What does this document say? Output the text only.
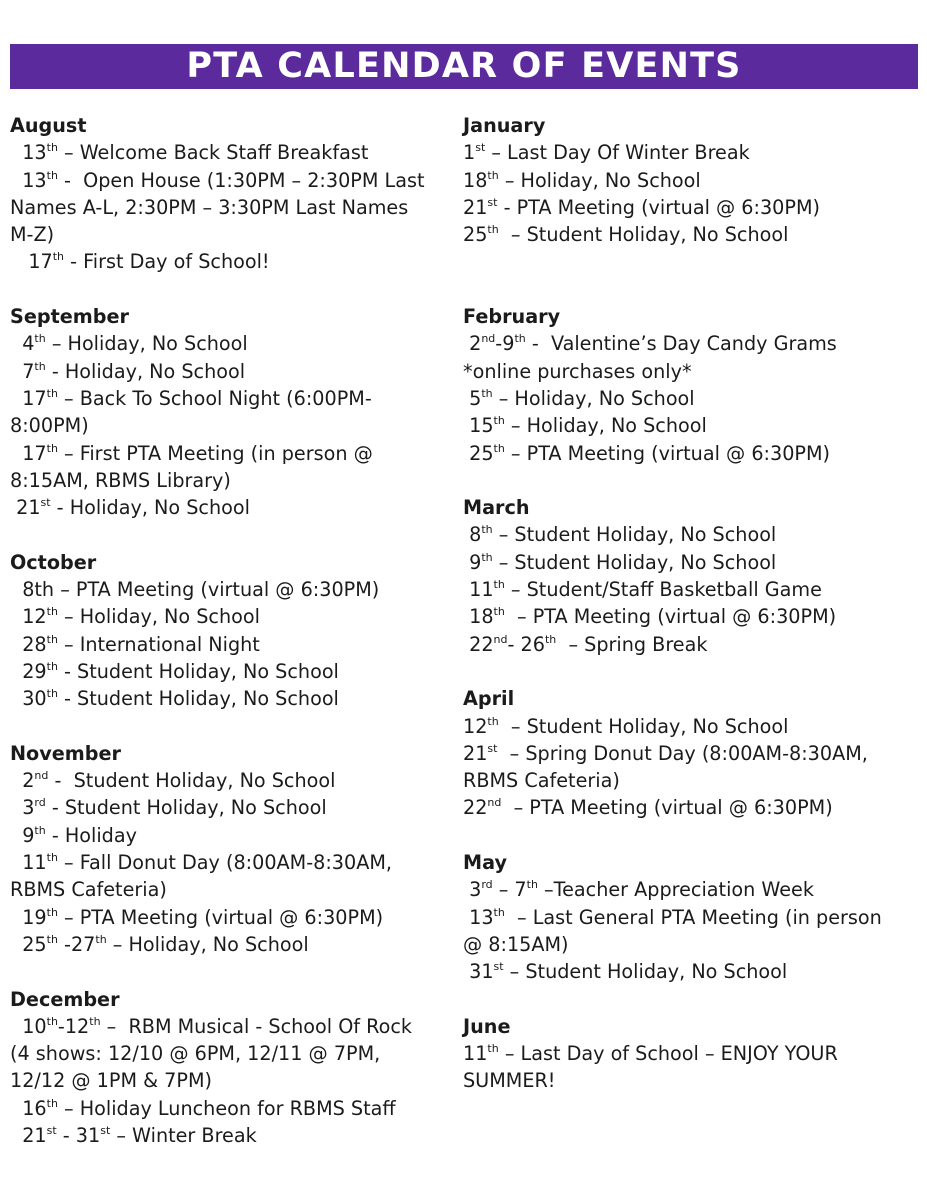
PTA CALENDAR OF EVENTS
August
13th – Welcome Back Staff Breakfast
13th -  Open House (1:30PM – 2:30PM Last Names A-L, 2:30PM – 3:30PM Last Names M-Z)
17th - First Day of School!
September
4th – Holiday, No School
7th - Holiday, No School
17th – Back To School Night (6:00PM-8:00PM)
17th – First PTA Meeting (in person @ 8:15AM, RBMS Library)
21st - Holiday, No School
October
8th – PTA Meeting (virtual @ 6:30PM)
12th – Holiday, No School
28th – International Night
29th - Student Holiday, No School
30th - Student Holiday, No School
November
2nd -  Student Holiday, No School
3rd - Student Holiday, No School
9th - Holiday
11th – Fall Donut Day (8:00AM-8:30AM, RBMS Cafeteria)
19th – PTA Meeting (virtual @ 6:30PM)
25th -27th – Holiday, No School
December
10th-12th –  RBM Musical - School Of Rock (4 shows: 12/10 @ 6PM, 12/11 @ 7PM, 12/12 @ 1PM & 7PM)
16th – Holiday Luncheon for RBMS Staff
21st - 31st – Winter Break
January
1st – Last Day Of Winter Break
18th – Holiday, No School
21st - PTA Meeting (virtual @ 6:30PM)
25th  – Student Holiday, No School

February
2nd-9th -  Valentine’s Day Candy Grams *online purchases only*
5th – Holiday, No School
15th – Holiday, No School
25th – PTA Meeting (virtual @ 6:30PM)
March
8th – Student Holiday, No School
9th – Student Holiday, No School
11th – Student/Staff Basketball Game
18th  – PTA Meeting (virtual @ 6:30PM)
22nd- 26th  – Spring Break
April
12th  – Student Holiday, No School
21st  – Spring Donut Day (8:00AM-8:30AM, RBMS Cafeteria)
22nd  – PTA Meeting (virtual @ 6:30PM)
May
3rd – 7th –Teacher Appreciation Week
13th  – Last General PTA Meeting (in person @ 8:15AM)
31st – Student Holiday, No School
June
11th – Last Day of School – ENJOY YOUR SUMMER!
